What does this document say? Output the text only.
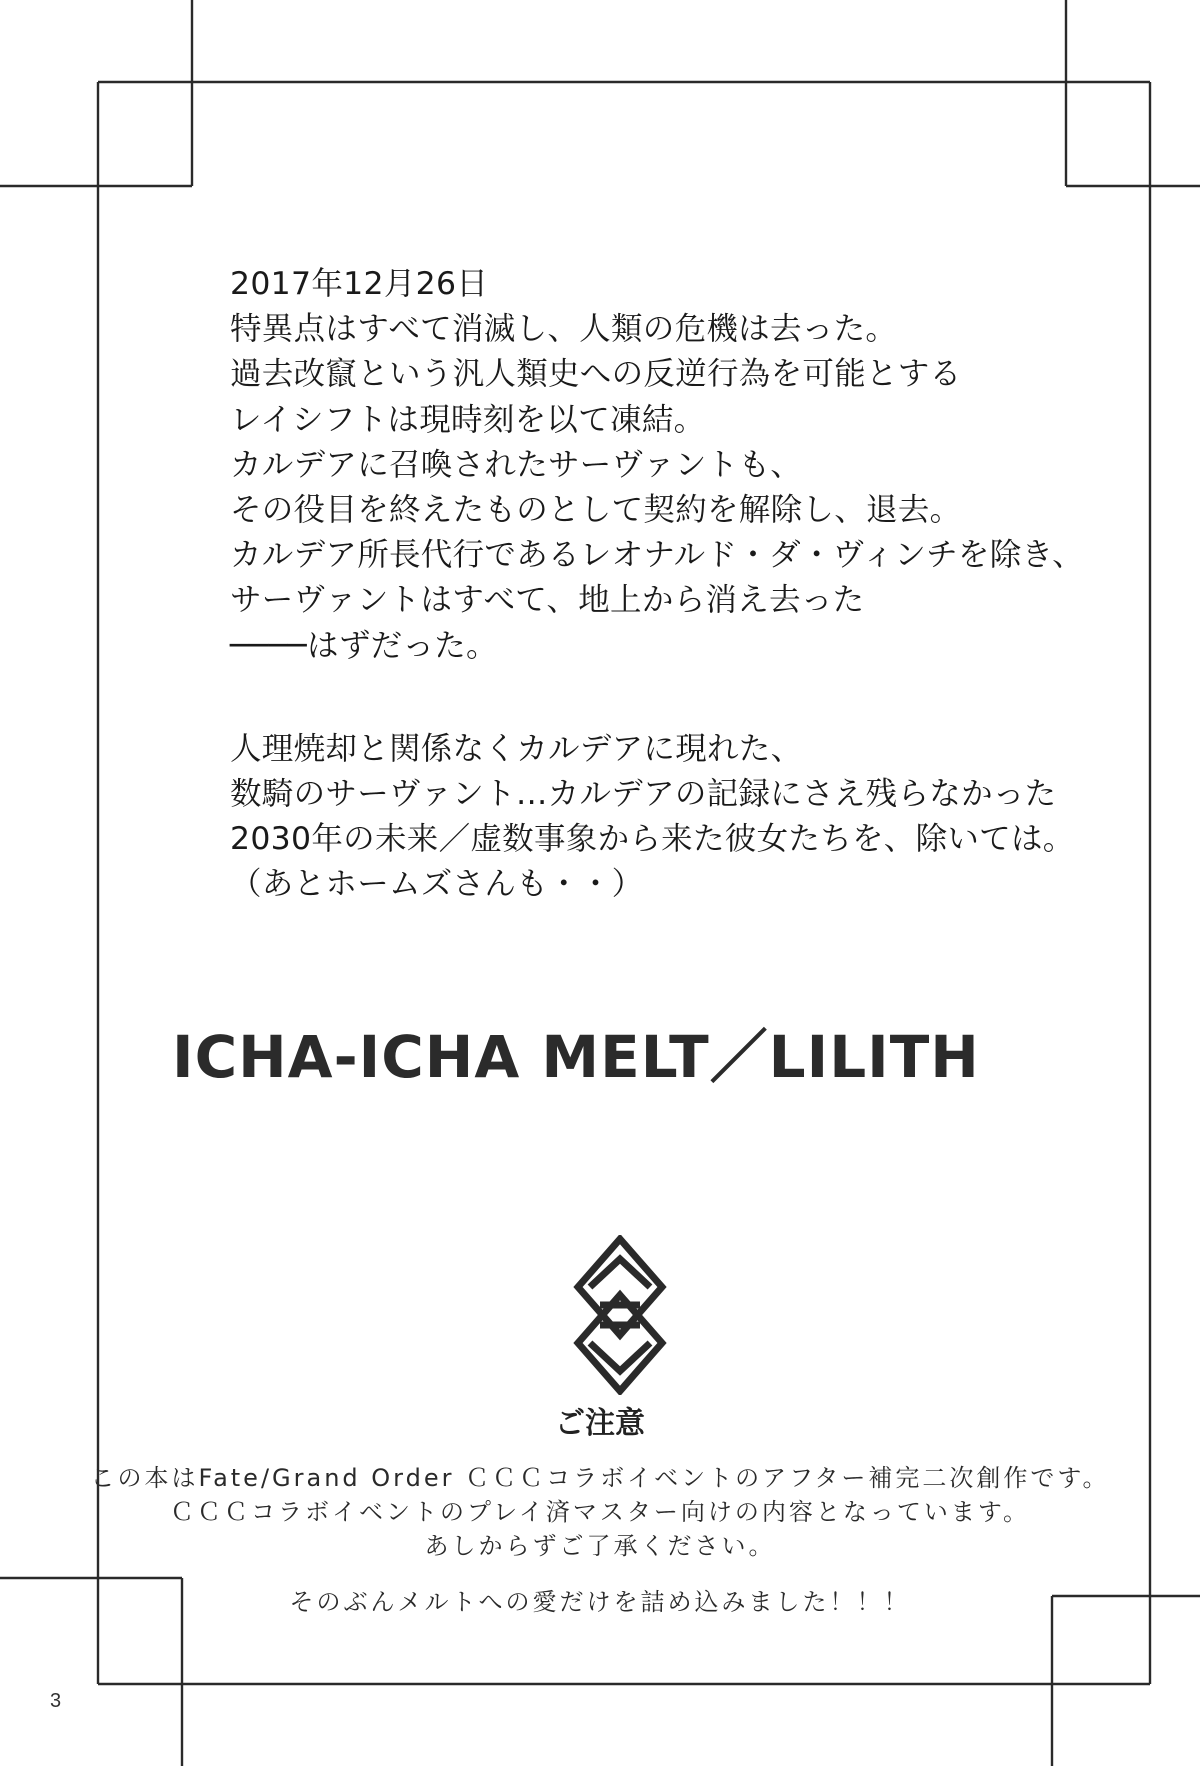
2017年12月26日
特異点はすべて消滅し、人類の危機は去った。
過去改竄という汎人類史への反逆行為を可能とする
レイシフトは現時刻を以て凍結。
カルデアに召喚されたサーヴァントも、
その役目を終えたものとして契約を解除し、退去。
カルデア所長代行であるレオナルド・ダ・ヴィンチを除き、
サーヴァントはすべて、地上から消え去った
────はずだった。
人理焼却と関係なくカルデアに現れた、
数騎のサーヴァント…カルデアの記録にさえ残らなかった
2030年の未来／虚数事象から来た彼女たちを、除いては。
（あとホームズさんも・・）
ICHA-ICHA MELT／LILITH
ご注意
この本はFate/Grand Order ＣＣＣコラボイベントのアフター補完二次創作です。
ＣＣＣコラボイベントのプレイ済マスター向けの内容となっています。
あしからずご了承ください。
そのぶんメルトへの愛だけを詰め込みました！！！
3
